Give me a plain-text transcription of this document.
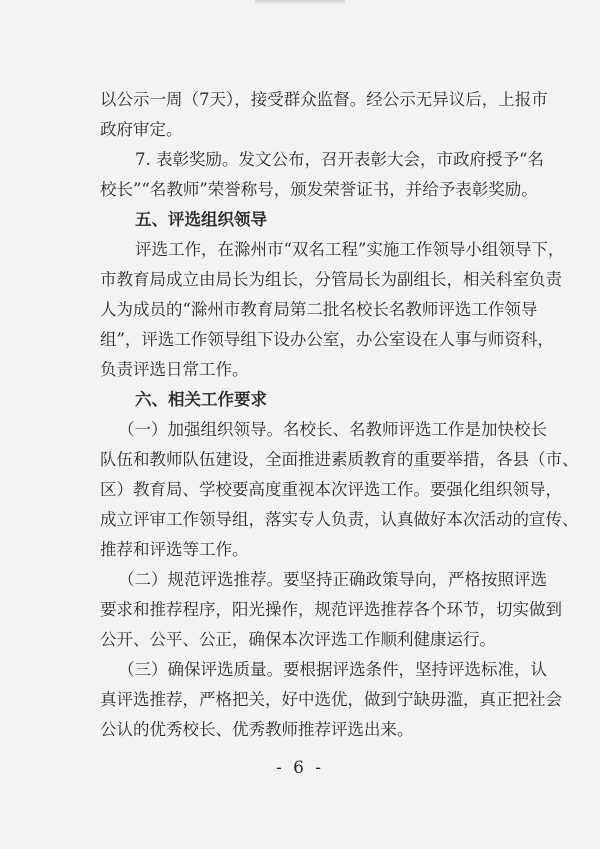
以公示一周（7天），接受群众监督。经公示无异议后，上报市
政府审定。
7. 表彰奖励。发文公布，召开表彰大会，市政府授予“名
校长”“名教师”荣誉称号，颁发荣誉证书，并给予表彰奖励。
五、评选组织领导
评选工作，在滁州市“双名工程”实施工作领导小组领导下，
市教育局成立由局长为组长，分管局长为副组长，相关科室负责
人为成员的“滁州市教育局第二批名校长名教师评选工作领导
组”，评选工作领导组下设办公室，办公室设在人事与师资科，
负责评选日常工作。
六、相关工作要求
（一）加强组织领导。名校长、名教师评选工作是加快校长
队伍和教师队伍建设，全面推进素质教育的重要举措，各县（市、
区）教育局、学校要高度重视本次评选工作。要强化组织领导，
成立评审工作领导组，落实专人负责，认真做好本次活动的宣传、
推荐和评选等工作。
（二）规范评选推荐。要坚持正确政策导向，严格按照评选
要求和推荐程序，阳光操作，规范评选推荐各个环节，切实做到
公开、公平、公正，确保本次评选工作顺利健康运行。
（三）确保评选质量。要根据评选条件，坚持评选标准，认
真评选推荐，严格把关，好中选优，做到宁缺毋滥，真正把社会
公认的优秀校长、优秀教师推荐评选出来。
- 6 -
